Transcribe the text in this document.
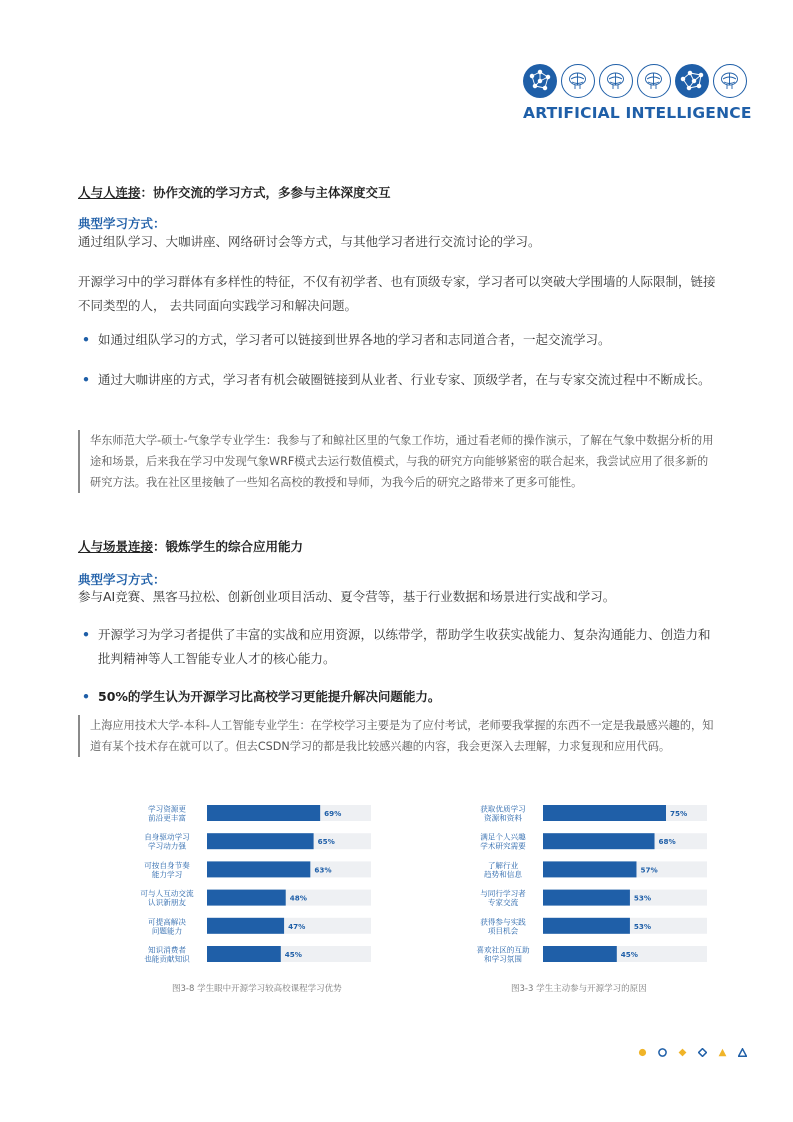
ARTIFICIAL INTELLIGENCE
人与人连接：协作交流的学习方式，多参与主体深度交互
典型学习方式：
通过组队学习、大咖讲座、网络研讨会等方式，与其他学习者进行交流讨论的学习。
开源学习中的学习群体有多样性的特征，不仅有初学者、也有顶级专家，学习者可以突破大学围墙的人际限制，链接不同类型的人， 去共同面向实践学习和解决问题。
• 如通过组队学习的方式，学习者可以链接到世界各地的学习者和志同道合者，一起交流学习。
• 通过大咖讲座的方式，学习者有机会破圈链接到从业者、行业专家、顶级学者，在与专家交流过程中不断成长。
华东师范大学-硕士-气象学专业学生：我参与了和鲸社区里的气象工作坊，通过看老师的操作演示，了解在气象中数据分析的用途和场景，后来我在学习中发现气象WRF模式去运行数值模式，与我的研究方向能够紧密的联合起来，我尝试应用了很多新的研究方法。我在社区里接触了一些知名高校的教授和导师，为我今后的研究之路带来了更多可能性。
人与场景连接：锻炼学生的综合应用能力
典型学习方式：
参与AI竞赛、黑客马拉松、创新创业项目活动、夏令营等，基于行业数据和场景进行实战和学习。
• 开源学习为学习者提供了丰富的实战和应用资源，以练带学，帮助学生收获实战能力、复杂沟通能力、创造力和批判精神等人工智能专业人才的核心能力。
• 50%的学生认为开源学习比高校学习更能提升解决问题能力。
上海应用技术大学-本科-人工智能专业学生：在学校学习主要是为了应付考试，老师要我掌握的东西不一定是我最感兴趣的，知道有某个技术存在就可以了。但去CSDN学习的都是我比较感兴趣的内容，我会更深入去理解，力求复现和应用代码。
学习资源更
前沿更丰富	69%
自身驱动学习
学习动力强	65%
可按自身节奏
能力学习	63%
可与人互动交流
认识新朋友	48%
可提高解决
问题能力	47%
知识消费者
也能贡献知识	45%
图3-8 学生眼中开源学习较高校课程学习优势
获取优质学习
资源和资料	75%
满足个人兴趣
学术研究需要	68%
了解行业
趋势和信息	57%
与同行学习者
专家交流	53%
获得参与实践
项目机会	53%
喜欢社区的互助
和学习氛围	45%
图3-3 学生主动参与开源学习的原因
